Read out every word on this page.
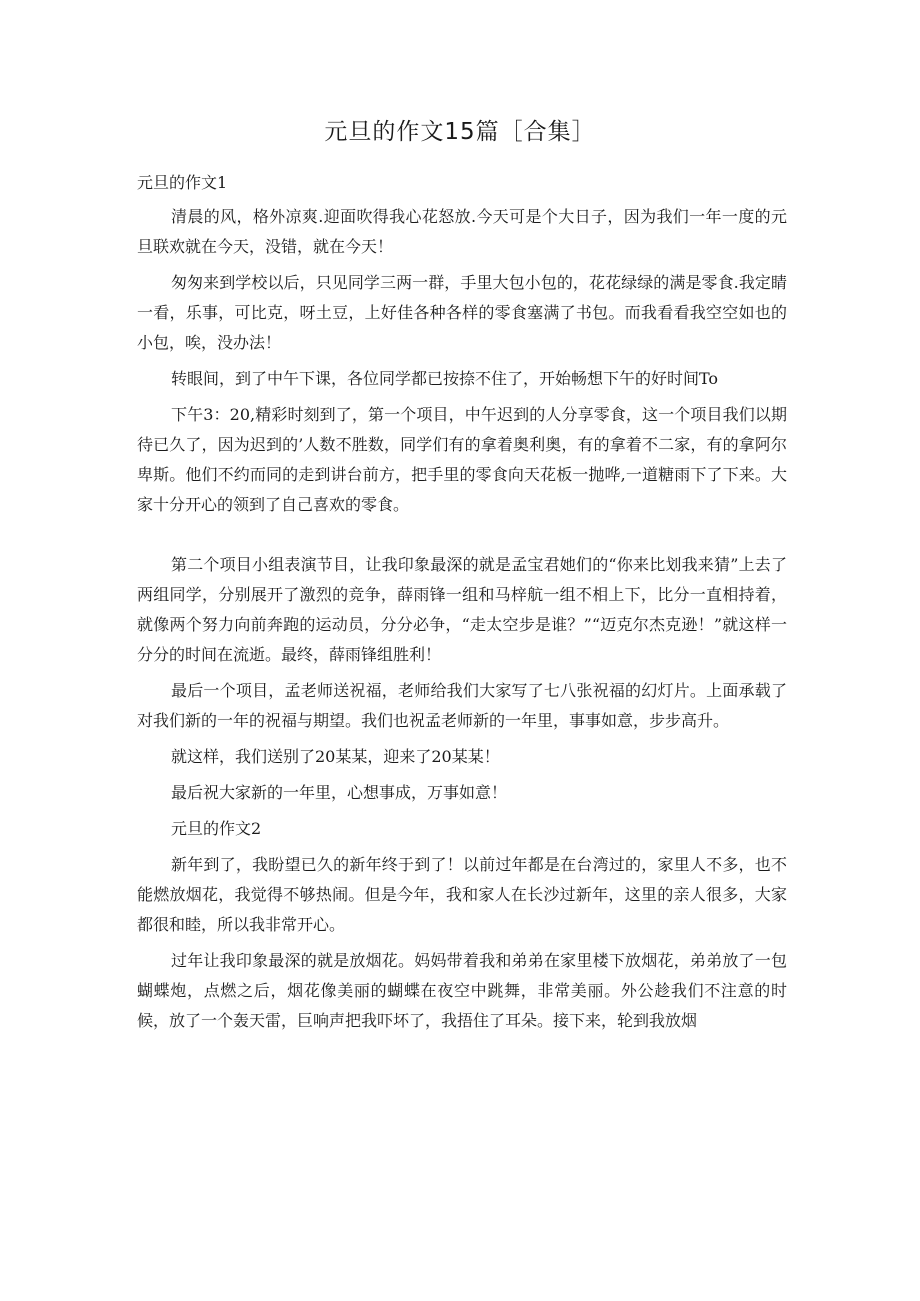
元旦的作文15篇［合集］

元旦的作文1

清晨的风，格外凉爽.迎面吹得我心花怒放.今天可是个大日子，因为我们一年一度的元旦联欢就在今天，没错，就在今天！

匆匆来到学校以后，只见同学三两一群，手里大包小包的，花花绿绿的满是零食.我定睛一看，乐事，可比克，呀土豆，上好佳各种各样的零食塞满了书包。而我看看我空空如也的小包，唉，没办法！

转眼间，到了中午下课，各位同学都已按捺不住了，开始畅想下午的好时间To

下午3：20,精彩时刻到了，第一个项目，中午迟到的人分享零食，这一个项目我们以期待已久了，因为迟到的’人数不胜数，同学们有的拿着奥利奥，有的拿着不二家，有的拿阿尔卑斯。他们不约而同的走到讲台前方，把手里的零食向天花板一抛哗,一道糖雨下了下来。大家十分开心的领到了自己喜欢的零食。

第二个项目小组表演节目，让我印象最深的就是孟宝君她们的“你来比划我来猜”上去了两组同学，分别展开了激烈的竞争，薛雨锋一组和马梓航一组不相上下，比分一直相持着，就像两个努力向前奔跑的运动员，分分必争，“走太空步是谁？”“迈克尔杰克逊！”就这样一分分的时间在流逝。最终，薛雨锋组胜利！

最后一个项目，孟老师送祝福，老师给我们大家写了七八张祝福的幻灯片。上面承载了对我们新的一年的祝福与期望。我们也祝孟老师新的一年里，事事如意，步步高升。

就这样，我们送别了20某某，迎来了20某某！

最后祝大家新的一年里，心想事成，万事如意！

元旦的作文2

新年到了，我盼望已久的新年终于到了！以前过年都是在台湾过的，家里人不多，也不能燃放烟花，我觉得不够热闹。但是今年，我和家人在长沙过新年，这里的亲人很多，大家都很和睦，所以我非常开心。

过年让我印象最深的就是放烟花。妈妈带着我和弟弟在家里楼下放烟花，弟弟放了一包蝴蝶炮，点燃之后，烟花像美丽的蝴蝶在夜空中跳舞，非常美丽。外公趁我们不注意的时候，放了一个轰天雷，巨响声把我吓坏了，我捂住了耳朵。接下来，轮到我放烟
